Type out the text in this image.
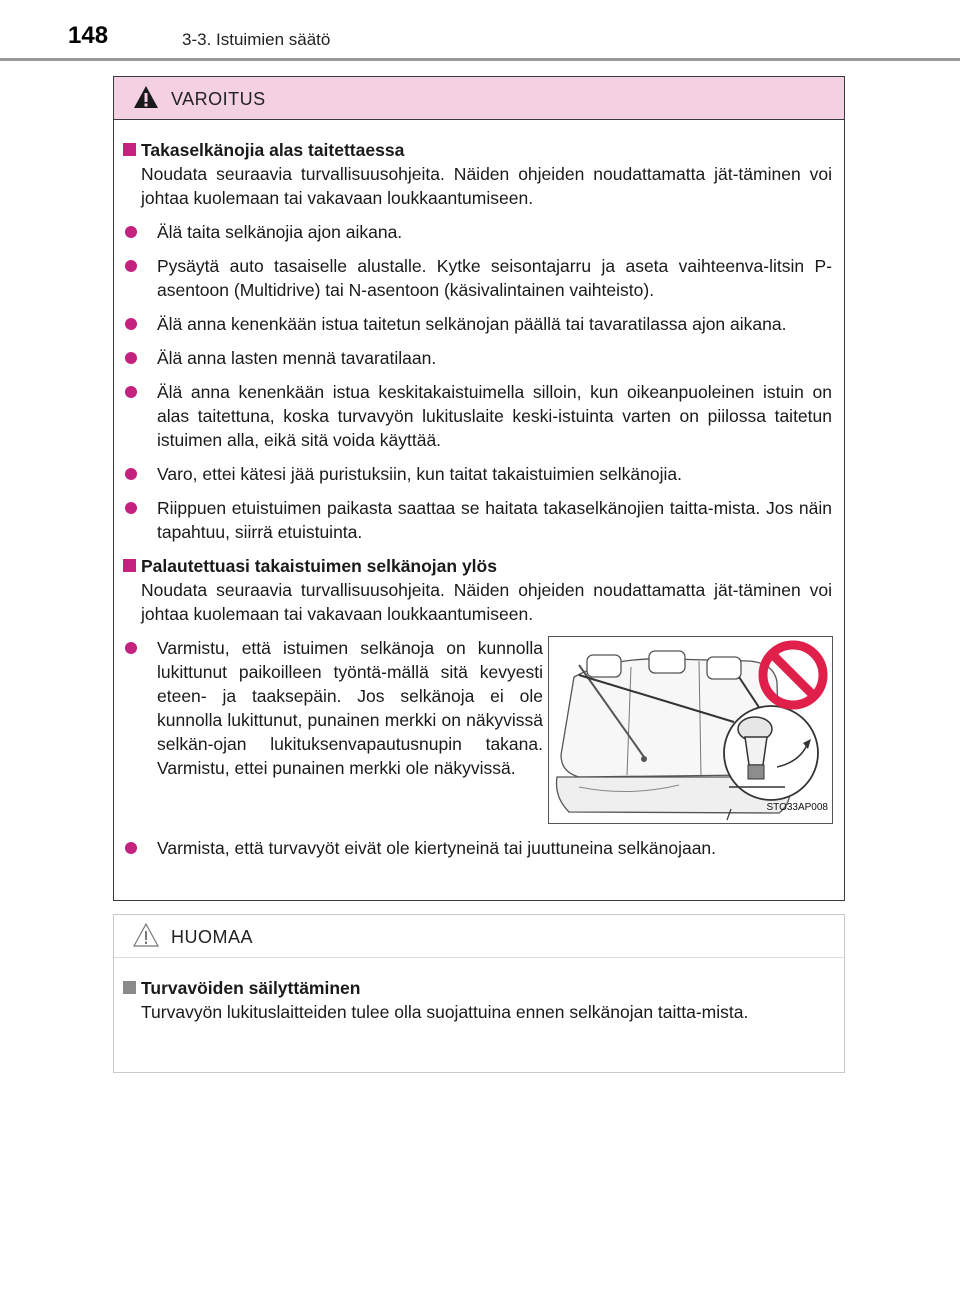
148	3-3. Istuimien säätö
VAROITUS
Takaselkänojia alas taitettaessa
Noudata seuraavia turvallisuusohjeita. Näiden ohjeiden noudattamatta jät-täminen voi johtaa kuolemaan tai vakavaan loukkaantumiseen.
Älä taita selkänojia ajon aikana.
Pysäytä auto tasaiselle alustalle. Kytke seisontajarru ja aseta vaihteenva-litsin P-asentoon (Multidrive) tai N-asentoon (käsivalintainen vaihteisto).
Älä anna kenenkään istua taitetun selkänojan päällä tai tavaratilassa ajon aikana.
Älä anna lasten mennä tavaratilaan.
Älä anna kenenkään istua keskitakaistuimella silloin, kun oikeanpuoleinen istuin on alas taitettuna, koska turvavyön lukituslaite keski-istuinta varten on piilossa taitetun istuimen alla, eikä sitä voida käyttää.
Varo, ettei kätesi jää puristuksiin, kun taitat takaistuimien selkänojia.
Riippuen etuistuimen paikasta saattaa se haitata takaselkänojien taitta-mista. Jos näin tapahtuu, siirrä etuistuinta.
Palautettuasi takaistuimen selkänojan ylös
Noudata seuraavia turvallisuusohjeita. Näiden ohjeiden noudattamatta jät-täminen voi johtaa kuolemaan tai vakavaan loukkaantumiseen.
Varmistu, että istuimen selkänoja on kunnolla lukittunut paikoilleen työntä-mällä sitä kevyesti eteen- ja taaksepäin. Jos selkänoja ei ole kunnolla lukittunut, punainen merkki on näkyvissä selkän-ojan lukituksenvapautusnupin takana. Varmistu, ettei punainen merkki ole näkyvissä.
STO33AP008
Varmista, että turvavyöt eivät ole kiertyneinä tai juuttuneina selkänojaan.
HUOMAA
Turvavöiden säilyttäminen
Turvavyön lukituslaitteiden tulee olla suojattuina ennen selkänojan taitta-mista.
